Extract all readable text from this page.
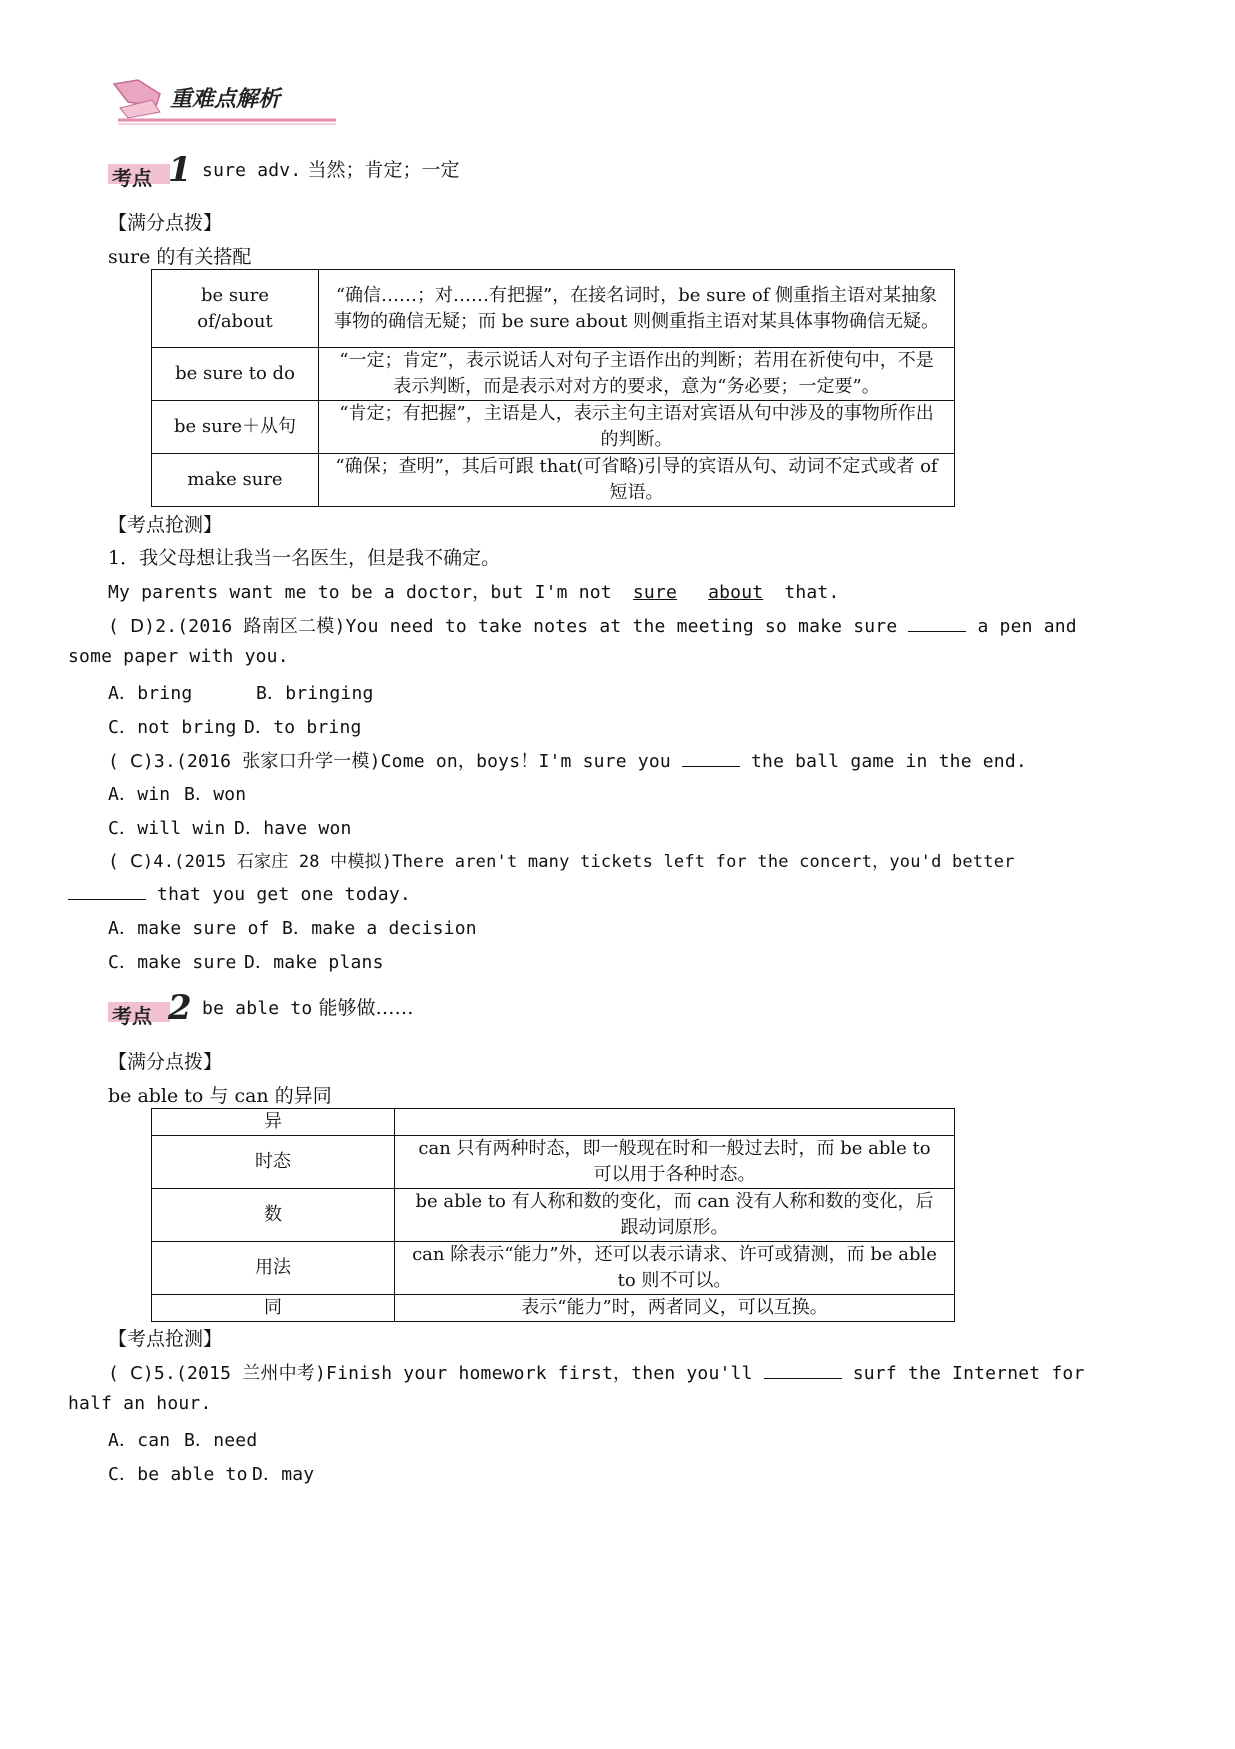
重难点解析
考点 1 sure adv. 当然；肯定；一定
【满分点拨】
sure 的有关搭配
be sure of/about	“确信……；对……有把握”，在接名词时，be sure of 侧重指主语对某抽象事物的确信无疑；而 be sure about 则侧重指主语对某具体事物确信无疑。
be sure to do	“一定；肯定”，表示说话人对句子主语作出的判断；若用在祈使句中，不是表示判断，而是表示对对方的要求，意为“务必要；一定要”。
be sure＋从句	“肯定；有把握”，主语是人，表示主句主语对宾语从句中涉及的事物所作出的判断。
make sure	“确保；查明”，其后可跟 that(可省略)引导的宾语从句、动词不定式或者 of 短语。
【考点抢测】
1．我父母想让我当一名医生，但是我不确定。
My parents want me to be a doctor，but I'm not sure about that.
( D)2.(2016 路南区二模)You need to take notes at the meeting so make sure	a pen and
some paper with you.
A．bring	B．bringing
C．not bring D．to bring
( C)3.(2016 张家口升学一模)Come on，boys！I'm sure you	the ball game in the end.
A．win B．won
C．will win D．have won
( C)4.(2015 石家庄 28 中模拟)There aren't many tickets left for the concert，you'd better
that you get one today.
A．make sure of B．make a decision
C．make sure D．make plans
考点 2 be able to 能够做……
【满分点拨】
be able to 与 can 的异同
异	
时态	can 只有两种时态，即一般现在时和一般过去时，而 be able to 可以用于各种时态。
数	be able to 有人称和数的变化，而 can 没有人称和数的变化，后跟动词原形。
用法	can 除表示“能力”外，还可以表示请求、许可或猜测，而 be able to 则不可以。
同	表示“能力”时，两者同义，可以互换。
【考点抢测】
( C)5.(2015 兰州中考)Finish your homework first，then you'll	surf the Internet for
half an hour.
A．can B．need
C．be able to D．may
